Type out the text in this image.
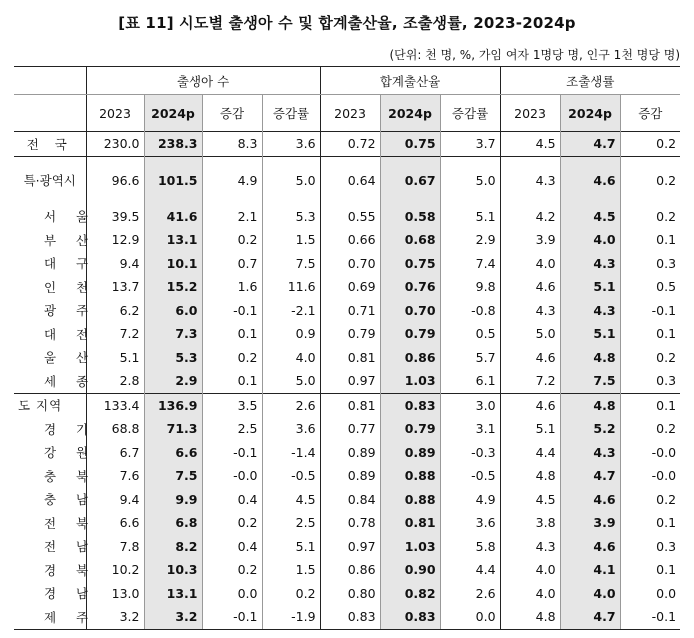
[표 11] 시도별 출생아 수 및 합계출산율, 조출생률, 2023-2024p
(단위: 천 명, %, 가임 여자 1명당 명, 인구 1천 명당 명)
	출생아 수				합계출산율			조출생률		
	2023	2024p	증감	증감률	2023	2024p	증감률	2023	2024p	증감
전 국	230.0	238.3	8.3	3.6	0.72	0.75	3.7	4.5	4.7	0.2
특·광역시	96.6	101.5	4.9	5.0	0.64	0.67	5.0	4.3	4.6	0.2
서 울	39.5	41.6	2.1	5.3	0.55	0.58	5.1	4.2	4.5	0.2
부 산	12.9	13.1	0.2	1.5	0.66	0.68	2.9	3.9	4.0	0.1
대 구	9.4	10.1	0.7	7.5	0.70	0.75	7.4	4.0	4.3	0.3
인 천	13.7	15.2	1.6	11.6	0.69	0.76	9.8	4.6	5.1	0.5
광 주	6.2	6.0	-0.1	-2.1	0.71	0.70	-0.8	4.3	4.3	-0.1
대 전	7.2	7.3	0.1	0.9	0.79	0.79	0.5	5.0	5.1	0.1
울 산	5.1	5.3	0.2	4.0	0.81	0.86	5.7	4.6	4.8	0.2
세 종	2.8	2.9	0.1	5.0	0.97	1.03	6.1	7.2	7.5	0.3
도 지역	133.4	136.9	3.5	2.6	0.81	0.83	3.0	4.6	4.8	0.1
경 기	68.8	71.3	2.5	3.6	0.77	0.79	3.1	5.1	5.2	0.2
강 원	6.7	6.6	-0.1	-1.4	0.89	0.89	-0.3	4.4	4.3	-0.0
충 북	7.6	7.5	-0.0	-0.5	0.89	0.88	-0.5	4.8	4.7	-0.0
충 남	9.4	9.9	0.4	4.5	0.84	0.88	4.9	4.5	4.6	0.2
전 북	6.6	6.8	0.2	2.5	0.78	0.81	3.6	3.8	3.9	0.1
전 남	7.8	8.2	0.4	5.1	0.97	1.03	5.8	4.3	4.6	0.3
경 북	10.2	10.3	0.2	1.5	0.86	0.90	4.4	4.0	4.1	0.1
경 남	13.0	13.1	0.0	0.2	0.80	0.82	2.6	4.0	4.0	0.0
제 주	3.2	3.2	-0.1	-1.9	0.83	0.83	0.0	4.8	4.7	-0.1
